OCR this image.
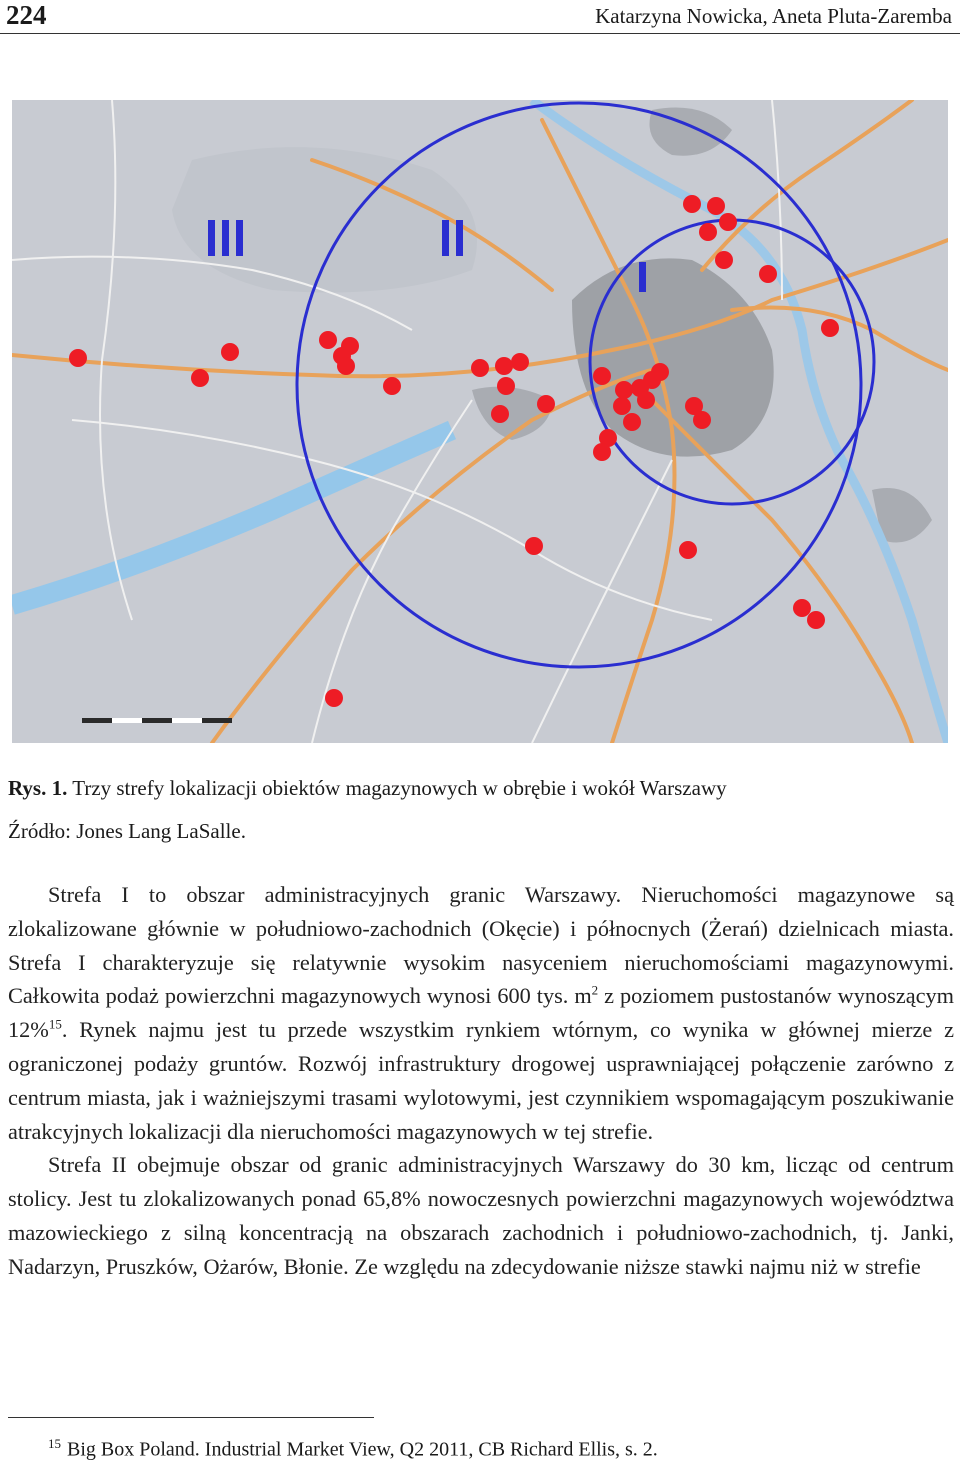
224	Katarzyna Nowicka, Aneta Pluta-Zaremba
Rys. 1. Trzy strefy lokalizacji obiektów magazynowych w obrębie i wokół Warszawy
Źródło: Jones Lang LaSalle.

Strefa I to obszar administracyjnych granic Warszawy. Nieruchomości magazynowe są zlokalizowane głównie w południowo-zachodnich (Okęcie) i północnych (Żerań) dzielnicach miasta. Strefa I charakteryzuje się relatywnie wysokim nasyceniem nieruchomościami magazynowymi. Całkowita podaż powierzchni magazynowych wynosi 600 tys. $m^2$ z poziomem pustostanów wynoszącym 12%$^{15}$. Rynek najmu jest tu przede wszystkim rynkiem wtórnym, co wynika w głównej mierze z ograniczonej podaży gruntów. Rozwój infrastruktury drogowej usprawniającej połączenie zarówno z centrum miasta, jak i ważniejszymi trasami wylotowymi, jest czynnikiem wspomagającym poszukiwanie atrakcyjnych lokalizacji dla nieruchomości magazynowych w tej strefie.

Strefa II obejmuje obszar od granic administracyjnych Warszawy do 30 km, licząc od centrum stolicy. Jest tu zlokalizowanych ponad 65,8% nowoczesnych powierzchni magazynowych województwa mazowieckiego z silną koncentracją na obszarach zachodnich i południowo-zachodnich, tj. Janki, Nadarzyn, Pruszków, Ożarów, Błonie. Ze względu na zdecydowanie niższe stawki najmu niż w strefie

$^{15}$ Big Box Poland. Industrial Market View, Q2 2011, CB Richard Ellis, s. 2.
